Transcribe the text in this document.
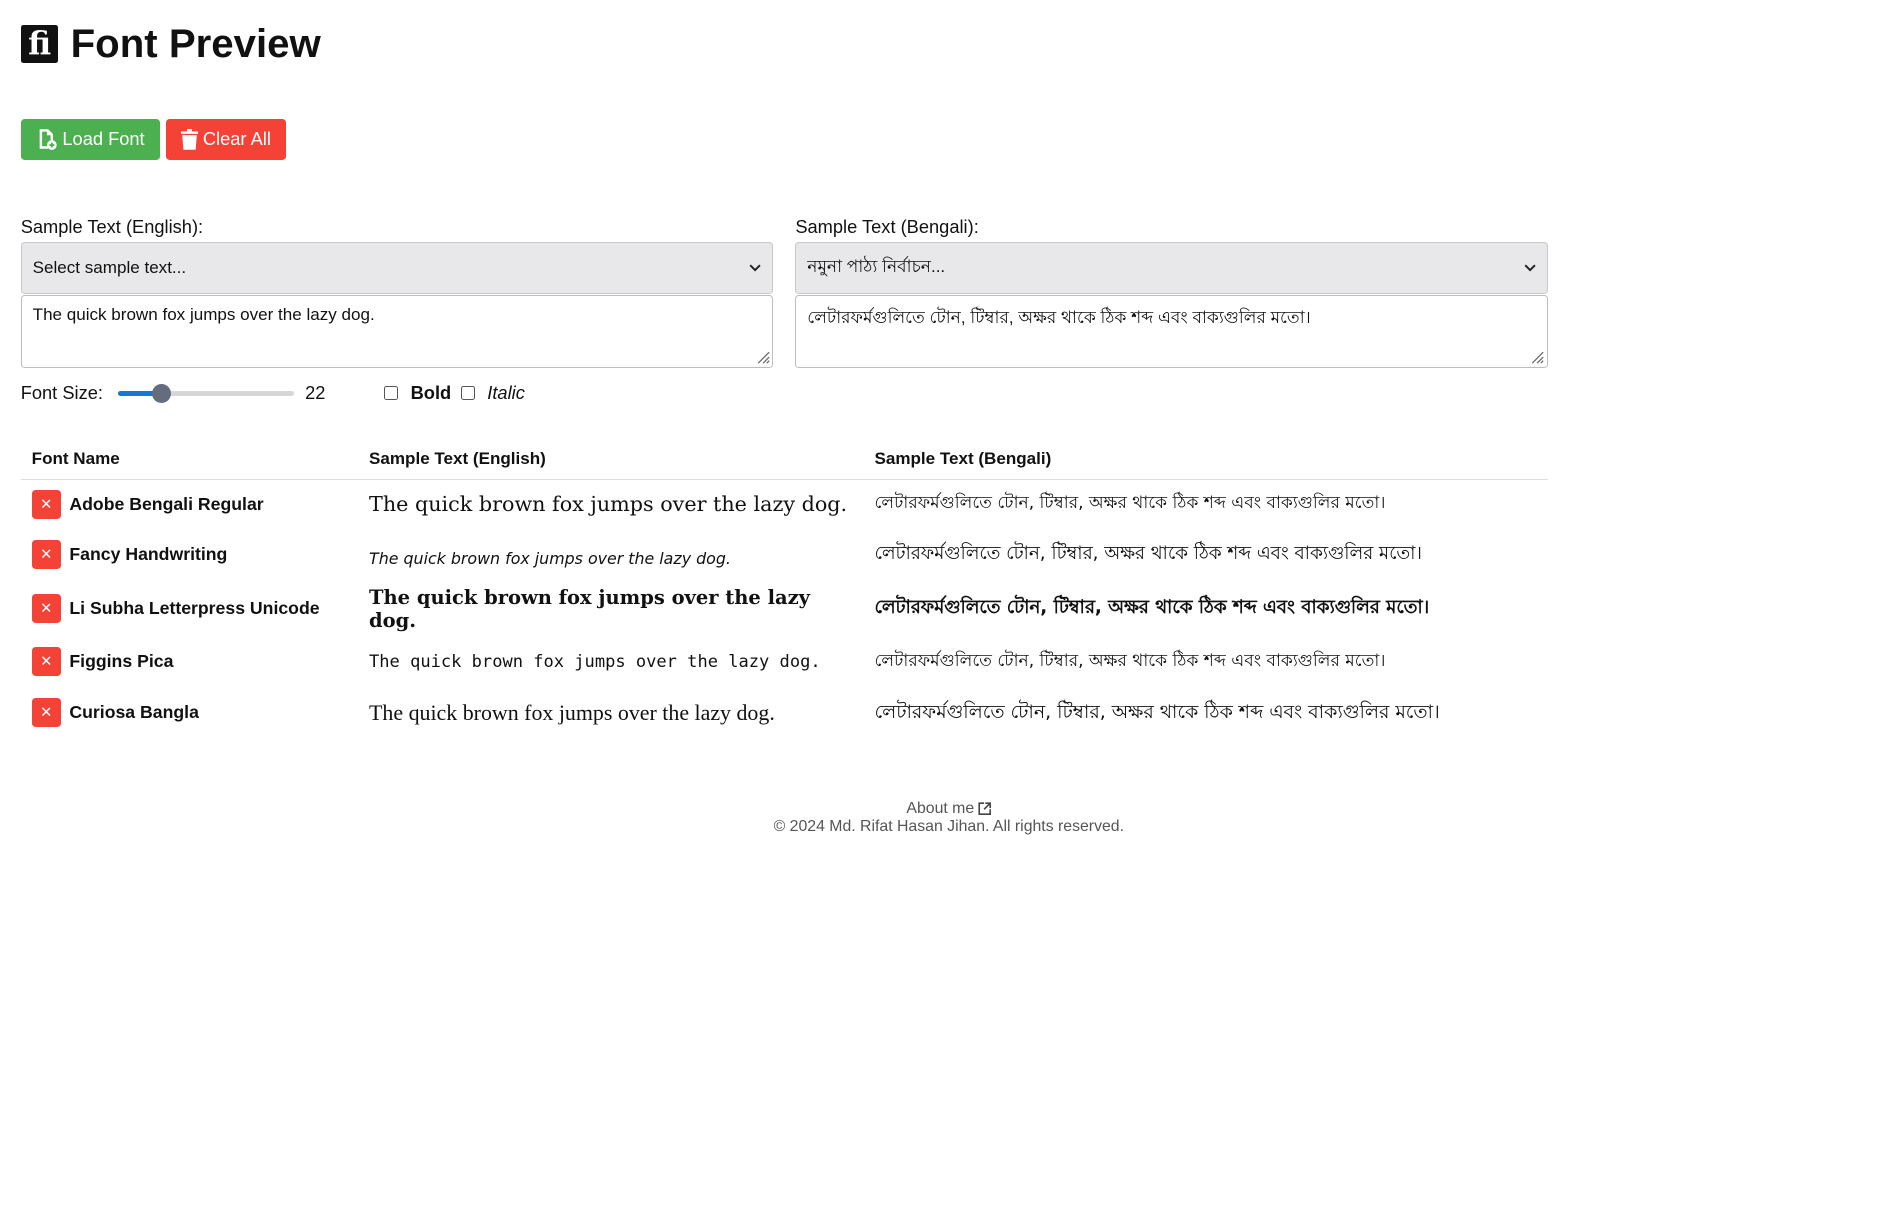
fi Font Preview
Load Font	Clear All
Sample Text (English):
Select sample text...
The quick brown fox jumps over the lazy dog.
Sample Text (Bengali):
নমুনা পাঠ্য নির্বাচন...
লেটারফর্মগুলিতে টোন, টিম্বার, অক্ষর থাকে ঠিক শব্দ এবং বাক্যগুলির মতো।
Font Size:	22	Bold Italic
Font Name	Sample Text (English)	Sample Text (Bengali)

✕ Adobe Bengali Regular	The quick brown fox jumps over the lazy dog.	লেটারফর্মগুলিতে টোন, টিম্বার, অক্ষর থাকে ঠিক শব্দ এবং বাক্যগুলির মতো।

✕ Fancy Handwriting	The quick brown fox jumps over the lazy dog.	লেটারফর্মগুলিতে টোন, টিম্বার, অক্ষর থাকে ঠিক শব্দ এবং বাক্যগুলির মতো।

✕ Li Subha Letterpress Unicode	The quick brown fox jumps over the lazy dog.	লেটারফর্মগুলিতে টোন, টিম্বার, অক্ষর থাকে ঠিক শব্দ এবং বাক্যগুলির মতো।

✕ Figgins Pica	The quick brown fox jumps over the lazy dog.	লেটারফর্মগুলিতে টোন, টিম্বার, অক্ষর থাকে ঠিক শব্দ এবং বাক্যগুলির মতো।

✕ Curiosa Bangla	The quick brown fox jumps over the lazy dog.	লেটারফর্মগুলিতে টোন, টিম্বার, অক্ষর থাকে ঠিক শব্দ এবং বাক্যগুলির মতো।
About me
© 2024 Md. Rifat Hasan Jihan. All rights reserved.
